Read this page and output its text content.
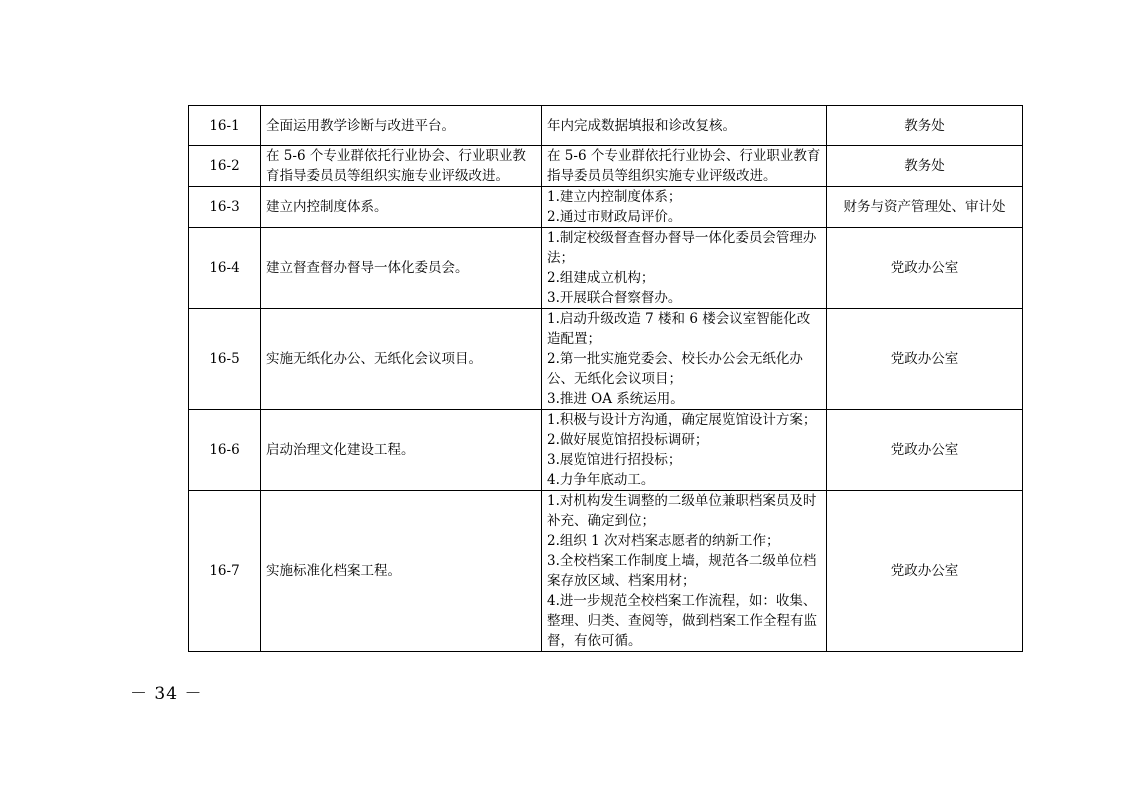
16-1	全面运用教学诊断与改进平台。	年内完成数据填报和诊改复核。	教务处
16-2	在 5-6 个专业群依托行业协会、行业职业教育指导委员员等组织实施专业评级改进。	在 5-6 个专业群依托行业协会、行业职业教育指导委员员等组织实施专业评级改进。	教务处
16-3	建立内控制度体系。	1.建立内控制度体系；
2.通过市财政局评价。	财务与资产管理处、审计处
16-4	建立督查督办督导一体化委员会。	1.制定校级督查督办督导一体化委员会管理办法；
2.组建成立机构；
3.开展联合督察督办。	党政办公室
16-5	实施无纸化办公、无纸化会议项目。	1.启动升级改造 7 楼和 6 楼会议室智能化改造配置；
2.第一批实施党委会、校长办公会无纸化办公、无纸化会议项目；
3.推进 OA 系统运用。	党政办公室
16-6	启动治理文化建设工程。	1.积极与设计方沟通，确定展览馆设计方案；
2.做好展览馆招投标调研；
3.展览馆进行招投标；
4.力争年底动工。	党政办公室
16-7	实施标准化档案工程。	1.对机构发生调整的二级单位兼职档案员及时补充、确定到位；
2.组织 1 次对档案志愿者的纳新工作；
3.全校档案工作制度上墙，规范各二级单位档案存放区域、档案用材；
4.进一步规范全校档案工作流程，如：收集、整理、归类、查阅等，做到档案工作全程有监督，有依可循。	党政办公室
－ 34 －
